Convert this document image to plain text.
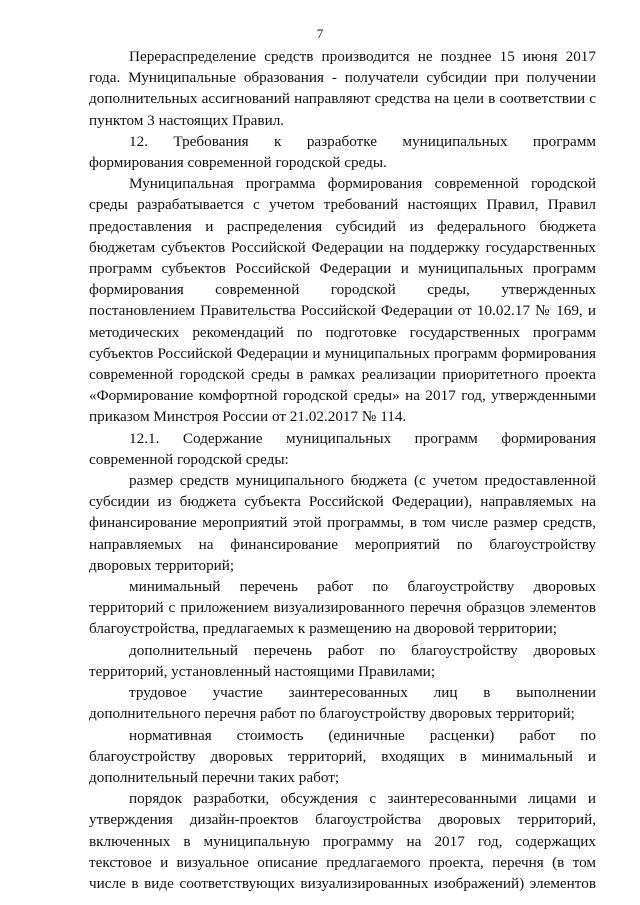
7

Перераспределение средств производится не позднее 15 июня 2017
года. Муниципальные образования - получатели субсидии при получении
дополнительных ассигнований направляют средства на цели в соответствии с
пунктом 3 настоящих Правил.

12. Требования к разработке муниципальных программ
формирования современной городской среды.

Муниципальная программа формирования современной городской
среды разрабатывается с учетом требований настоящих Правил, Правил
предоставления и распределения субсидий из федерального бюджета
бюджетам субъектов Российской Федерации на поддержку государственных
программ субъектов Российской Федерации и муниципальных программ
формирования современной городской среды, утвержденных
постановлением Правительства Российской Федерации от 10.02.17 № 169, и
методических рекомендаций по подготовке государственных программ
субъектов Российской Федерации и муниципальных программ формирования
современной городской среды в рамках реализации приоритетного проекта
«Формирование комфортной городской среды» на 2017 год, утвержденными
приказом Минстроя России от 21.02.2017 № 114.

12.1. Содержание муниципальных программ формирования
современной городской среды:

размер средств муниципального бюджета (с учетом предоставленной
субсидии из бюджета субъекта Российской Федерации), направляемых на
финансирование мероприятий этой программы, в том числе размер средств,
направляемых на финансирование мероприятий по благоустройству
дворовых территорий;

минимальный перечень работ по благоустройству дворовых
территорий с приложением визуализированного перечня образцов элементов
благоустройства, предлагаемых к размещению на дворовой территории;

дополнительный перечень работ по благоустройству дворовых
территорий, установленный настоящими Правилами;

трудовое участие заинтересованных лиц в выполнении
дополнительного перечня работ по благоустройству дворовых территорий;

нормативная стоимость (единичные расценки) работ по
благоустройству дворовых территорий, входящих в минимальный и
дополнительный перечни таких работ;

порядок разработки, обсуждения с заинтересованными лицами и
утверждения дизайн-проектов благоустройства дворовых территорий,
включенных в муниципальную программу на 2017 год, содержащих
текстовое и визуальное описание предлагаемого проекта, перечня (в том
числе в виде соответствующих визуализированных изображений) элементов
